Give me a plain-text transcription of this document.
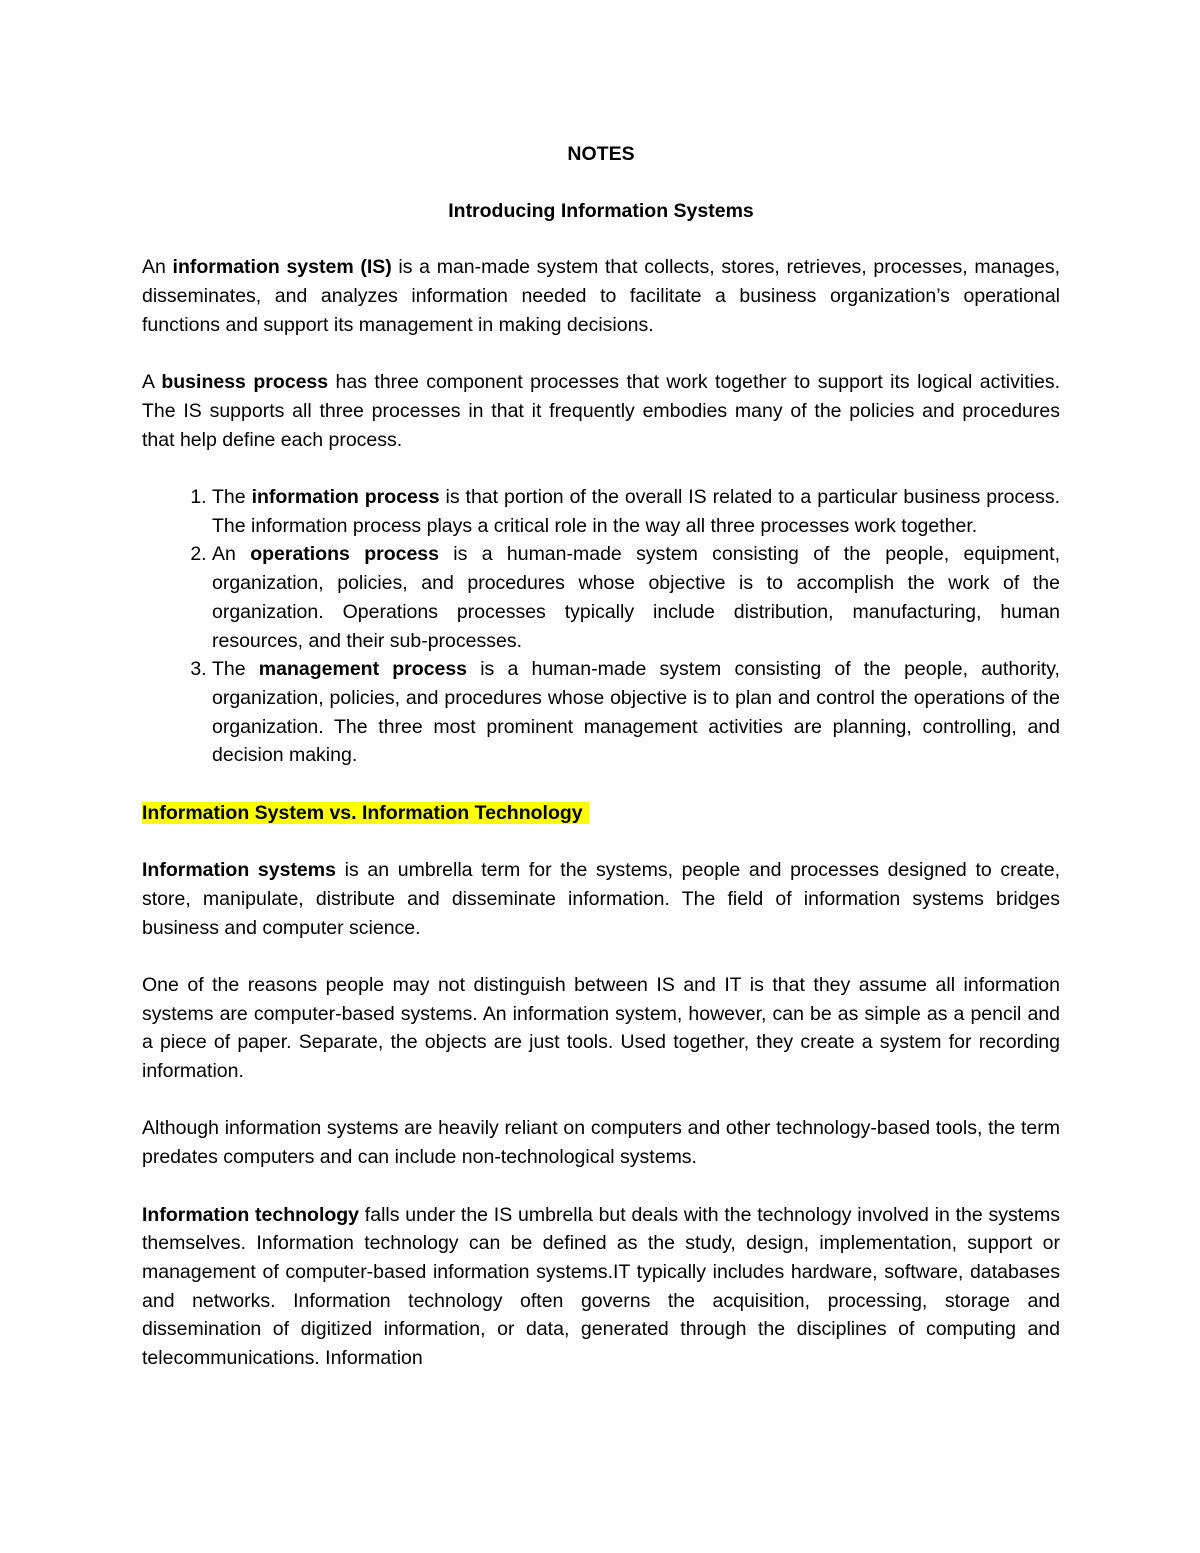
NOTES

Introducing Information Systems

An information system (IS) is a man-made system that collects, stores, retrieves, processes, manages, disseminates, and analyzes information needed to facilitate a business organization’s operational functions and support its management in making decisions.

A business process has three component processes that work together to support its logical activities. The IS supports all three processes in that it frequently embodies many of the policies and procedures that help define each process.

1. The information process is that portion of the overall IS related to a particular business process. The information process plays a critical role in the way all three processes work together.
2. An operations process is a human-made system consisting of the people, equipment, organization, policies, and procedures whose objective is to accomplish the work of the organization. Operations processes typically include distribution, manufacturing, human resources, and their sub-processes.
3. The management process is a human-made system consisting of the people, authority, organization, policies, and procedures whose objective is to plan and control the operations of the organization. The three most prominent management activities are planning, controlling, and decision making.

Information System vs. Information Technology

Information systems is an umbrella term for the systems, people and processes designed to create, store, manipulate, distribute and disseminate information. The field of information systems bridges business and computer science.

One of the reasons people may not distinguish between IS and IT is that they assume all information systems are computer-based systems. An information system, however, can be as simple as a pencil and a piece of paper. Separate, the objects are just tools. Used together, they create a system for recording information.

Although information systems are heavily reliant on computers and other technology-based tools, the term predates computers and can include non-technological systems.

Information technology falls under the IS umbrella but deals with the technology involved in the systems themselves. Information technology can be defined as the study, design, implementation, support or management of computer-based information systems.IT typically includes hardware, software, databases and networks. Information technology often governs the acquisition, processing, storage and dissemination of digitized information, or data, generated through the disciplines of computing and telecommunications. Information
